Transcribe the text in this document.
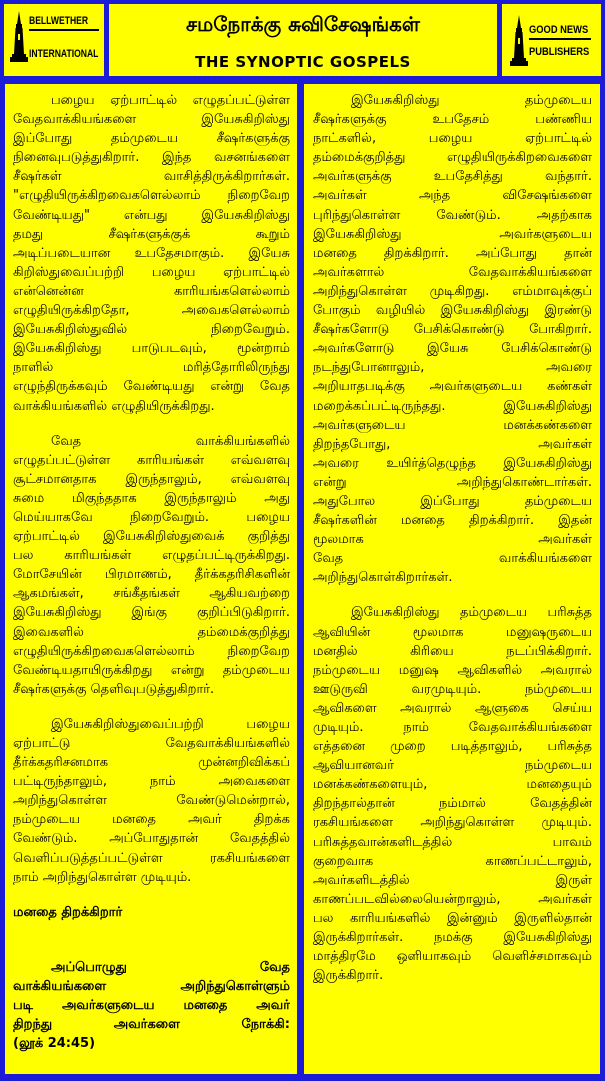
BELLWETHER
INTERNATIONAL
சமநோக்கு சுவிசேஷங்கள்
THE SYNOPTIC GOSPELS
GOOD NEWS
PUBLISHERS
பழைய ஏற்பாட்டில் எழுதப்பட்டுள்ள
வேதவாக்கியங்களை இயேசுகிறிஸ்து
இப்போது தம்முடைய சீஷர்களுக்கு
நினைவுபடுத்துகிறார். இந்த வசனங்களை
சீஷர்கள் வாசித்திருக்கிறார்கள்.
"எழுதியிருக்கிறவைகளெல்லாம் நிறைவேற
வேண்டியது" என்பது இயேசுகிறிஸ்து
தமது சீஷர்களுக்குக் கூறும்
அடிப்படையான உபதேசமாகும். இயேசு
கிறிஸ்துவைப்பற்றி பழைய ஏற்பாட்டில்
என்னென்ன காரியங்களெல்லாம்
எழுதியிருக்கிறதோ, அவைகளெல்லாம்
இயேசுகிறிஸ்துவில் நிறைவேறும்.
இயேசுகிறிஸ்து பாடுபடவும், மூன்றாம்
நாளில் மரித்தோரிலிருந்து
எழுந்திருக்கவும் வேண்டியது என்று வேத
வாக்கியங்களில் எழுதியிருக்கிறது.
வேத வாக்கியங்களில்
எழுதப்பட்டுள்ள காரியங்கள் எவ்வளவு
சூட்சமானதாக இருந்தாலும், எவ்வளவு
சுமை மிகுந்ததாக இருந்தாலும் அது
மெய்யாகவே நிறைவேறும். பழைய
ஏற்பாட்டில் இயேசுகிறிஸ்துவைக் குறித்து
பல காரியங்கள் எழுதப்பட்டிருக்கிறது.
மோசேயின் பிரமாணம், தீர்க்கதரிசிகளின்
ஆகமங்கள், சங்கீதங்கள் ஆகியவற்றை
இயேசுகிறிஸ்து இங்கு குறிப்பிடுகிறார்.
இவைகளில் தம்மைக்குறித்து
எழுதியிருக்கிறவைகளெல்லாம் நிறைவேற
வேண்டியதாயிருக்கிறது என்று தம்முடைய
சீஷர்களுக்கு தெளிவுபடுத்துகிறார்.
இயேசுகிறிஸ்துவைப்பற்றி பழைய
ஏற்பாட்டு வேதவாக்கியங்களில்
தீர்க்கதரிசனமாக முன்னறிவிக்கப்
பட்டிருந்தாலும், நாம் அவைகளை
அறிந்துகொள்ள வேண்டுமென்றால்,
நம்முடைய மனதை அவர் திறக்க
வேண்டும். அப்போதுதான் வேதத்தில்
வெளிப்படுத்தப்பட்டுள்ள ரகசியங்களை
நாம் அறிந்துகொள்ள முடியும்.
மனதை திறக்கிறார்
அப்பொழுது வேத
வாக்கியங்களை அறிந்துகொள்ளும்
படி அவர்களுடைய மனதை அவர்
திறந்து அவர்களை நோக்கி:
(லூக் 24:45)
இயேசுகிறிஸ்து தம்முடைய
சீஷர்களுக்கு உபதேசம் பண்ணிய
நாட்களில், பழைய ஏற்பாட்டில்
தம்மைக்குறித்து எழுதியிருக்கிறவைகளை
அவர்களுக்கு உபதேசித்து வந்தார்.
அவர்கள் அந்த விசேஷங்களை
புரிந்துகொள்ள வேண்டும். அதற்காக
இயேசுகிறிஸ்து அவர்களுடைய
மனதை திறக்கிறார். அப்போது தான்
அவர்களால் வேதவாக்கியங்களை
அறிந்துகொள்ள முடிகிறது. எம்மாவுக்குப்
போகும் வழியில் இயேசுகிறிஸ்து இரண்டு
சீஷர்களோடு பேசிக்கொண்டு போகிறார்.
அவர்களோடு இயேசு பேசிக்கொண்டு
நடந்துபோனாலும், அவரை
அறியாதபடிக்கு அவர்களுடைய கண்கள்
மறைக்கப்பட்டிருந்தது. இயேசுகிறிஸ்து
அவர்களுடைய மனக்கண்களை
திறந்தபோது, அவர்கள்
அவரை உயிர்த்தெழுந்த இயேசுகிறிஸ்து
என்று அறிந்துகொண்டார்கள்.
அதுபோல இப்போது தம்முடைய
சீஷர்களின் மனதை திறக்கிறார். இதன்
மூலமாக அவர்கள்
வேத வாக்கியங்களை
அறிந்துகொள்கிறார்கள்.
இயேசுகிறிஸ்து தம்முடைய பரிசுத்த
ஆவியின் மூலமாக மனுஷருடைய
மனதில் கிரியை நடப்பிக்கிறார்.
நம்முடைய மனுஷ ஆவிகளில் அவரால்
ஊடுருவி வரமுடியும். நம்முடைய
ஆவிகளை அவரால் ஆளுகை செய்ய
முடியும். நாம் வேதவாக்கியங்களை
எத்தனை முறை படித்தாலும், பரிசுத்த
ஆவியானவர் நம்முடைய
மனக்கண்களையும், மனதையும்
திறந்தால்தான் நம்மால் வேதத்தின்
ரகசியங்களை அறிந்துகொள்ள முடியும்.
பரிசுத்தவான்களிடத்தில் பாவம்
குறைவாக காணப்பட்டாலும்,
அவர்களிடத்தில் இருள்
காணப்படவில்லையென்றாலும், அவர்கள்
பல காரியங்களில் இன்னும் இருளில்தான்
இருக்கிறார்கள். நமக்கு இயேசுகிறிஸ்து
மாத்திரமே ஒளியாகவும் வெளிச்சமாகவும்
இருக்கிறார்.
